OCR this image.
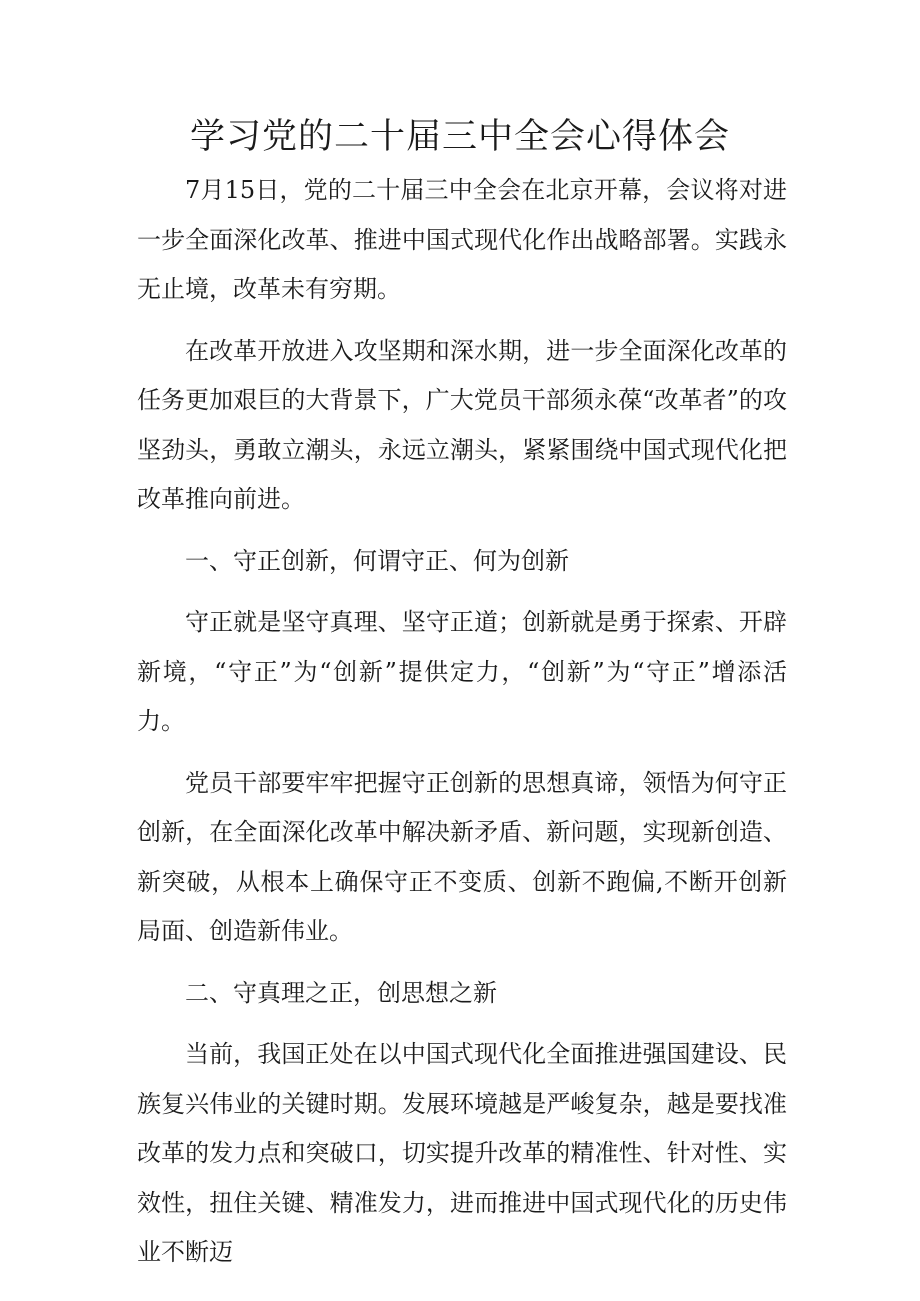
学习党的二十届三中全会心得体会

7月15日，党的二十届三中全会在北京开幕，会议将对进一步全面深化改革、推进中国式现代化作出战略部署。实践永无止境，改革未有穷期。

在改革开放进入攻坚期和深水期，进一步全面深化改革的任务更加艰巨的大背景下，广大党员干部须永葆“改革者”的攻坚劲头，勇敢立潮头，永远立潮头，紧紧围绕中国式现代化把改革推向前进。

一、守正创新，何谓守正、何为创新

守正就是坚守真理、坚守正道；创新就是勇于探索、开辟新境，“守正”为“创新”提供定力，“创新”为“守正”增添活力。

党员干部要牢牢把握守正创新的思想真谛，领悟为何守正创新，在全面深化改革中解决新矛盾、新问题，实现新创造、新突破，从根本上确保守正不变质、创新不跑偏,不断开创新局面、创造新伟业。

二、守真理之正，创思想之新

当前，我国正处在以中国式现代化全面推进强国建设、民族复兴伟业的关键时期。发展环境越是严峻复杂，越是要找准改革的发力点和突破口，切实提升改革的精准性、针对性、实效性，扭住关键、精准发力，进而推进中国式现代化的历史伟业不断迈
